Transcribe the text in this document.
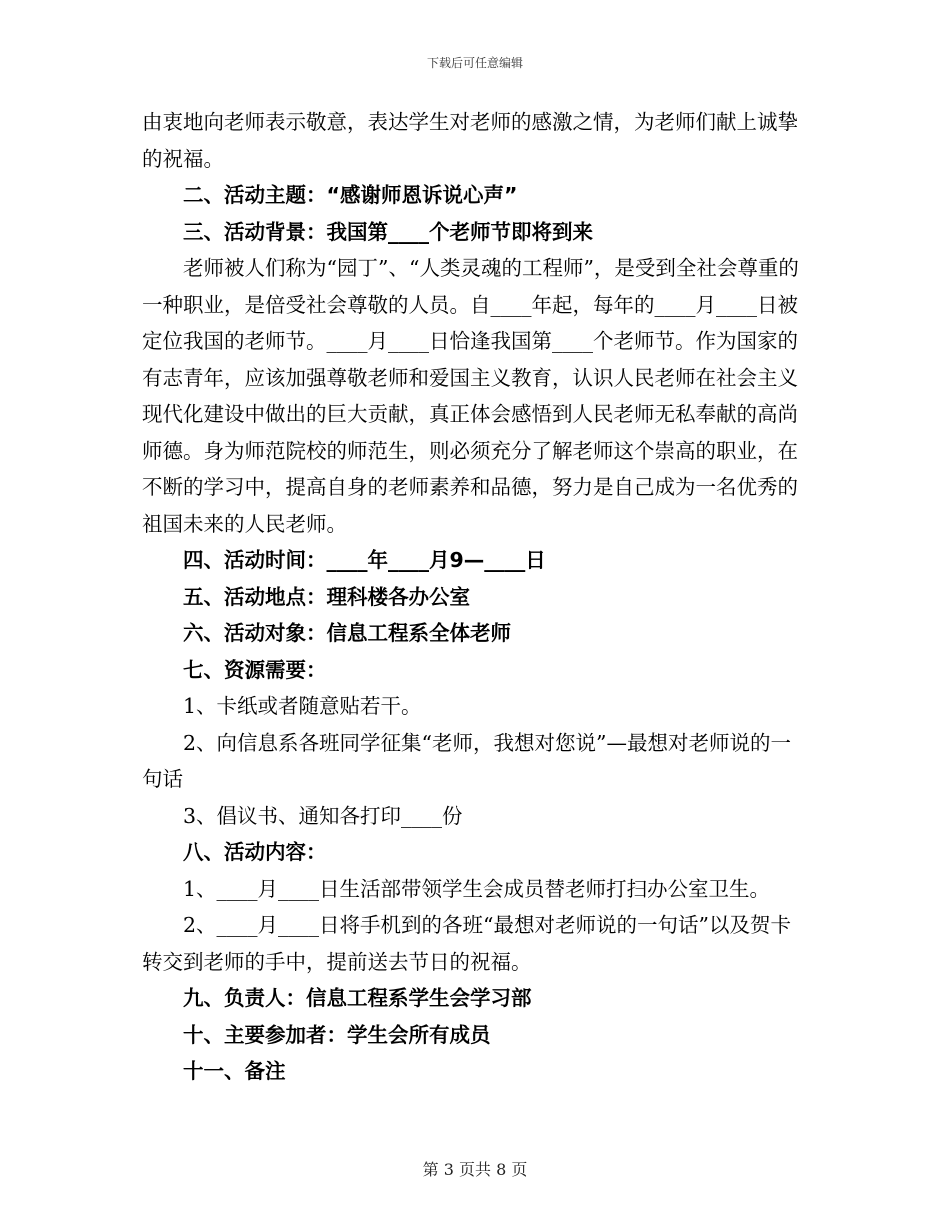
下载后可任意编辑

由衷地向老师表示敬意，表达学生对老师的感激之情，为老师们献上诚挚的祝福。

二、活动主题：“感谢师恩诉说心声”

三、活动背景：我国第____个老师节即将到来

老师被人们称为“园丁”、“人类灵魂的工程师”，是受到全社会尊重的一种职业，是倍受社会尊敬的人员。自____年起，每年的____月____日被定位我国的老师节。____月____日恰逢我国第____个老师节。作为国家的有志青年，应该加强尊敬老师和爱国主义教育，认识人民老师在社会主义现代化建设中做出的巨大贡献，真正体会感悟到人民老师无私奉献的高尚师德。身为师范院校的师范生，则必须充分了解老师这个崇高的职业，在不断的学习中，提高自身的老师素养和品德，努力是自己成为一名优秀的祖国未来的人民老师。

四、活动时间：____年____月9—____日

五、活动地点：理科楼各办公室

六、活动对象：信息工程系全体老师

七、资源需要：

1、卡纸或者随意贴若干。

2、向信息系各班同学征集“老师，我想对您说”—最想对老师说的一句话

3、倡议书、通知各打印____份

八、活动内容：

1、____月____日生活部带领学生会成员替老师打扫办公室卫生。

2、____月____日将手机到的各班“最想对老师说的一句话”以及贺卡转交到老师的手中，提前送去节日的祝福。

九、负责人：信息工程系学生会学习部

十、主要参加者：学生会所有成员

十一、备注

第 3 页共 8 页
